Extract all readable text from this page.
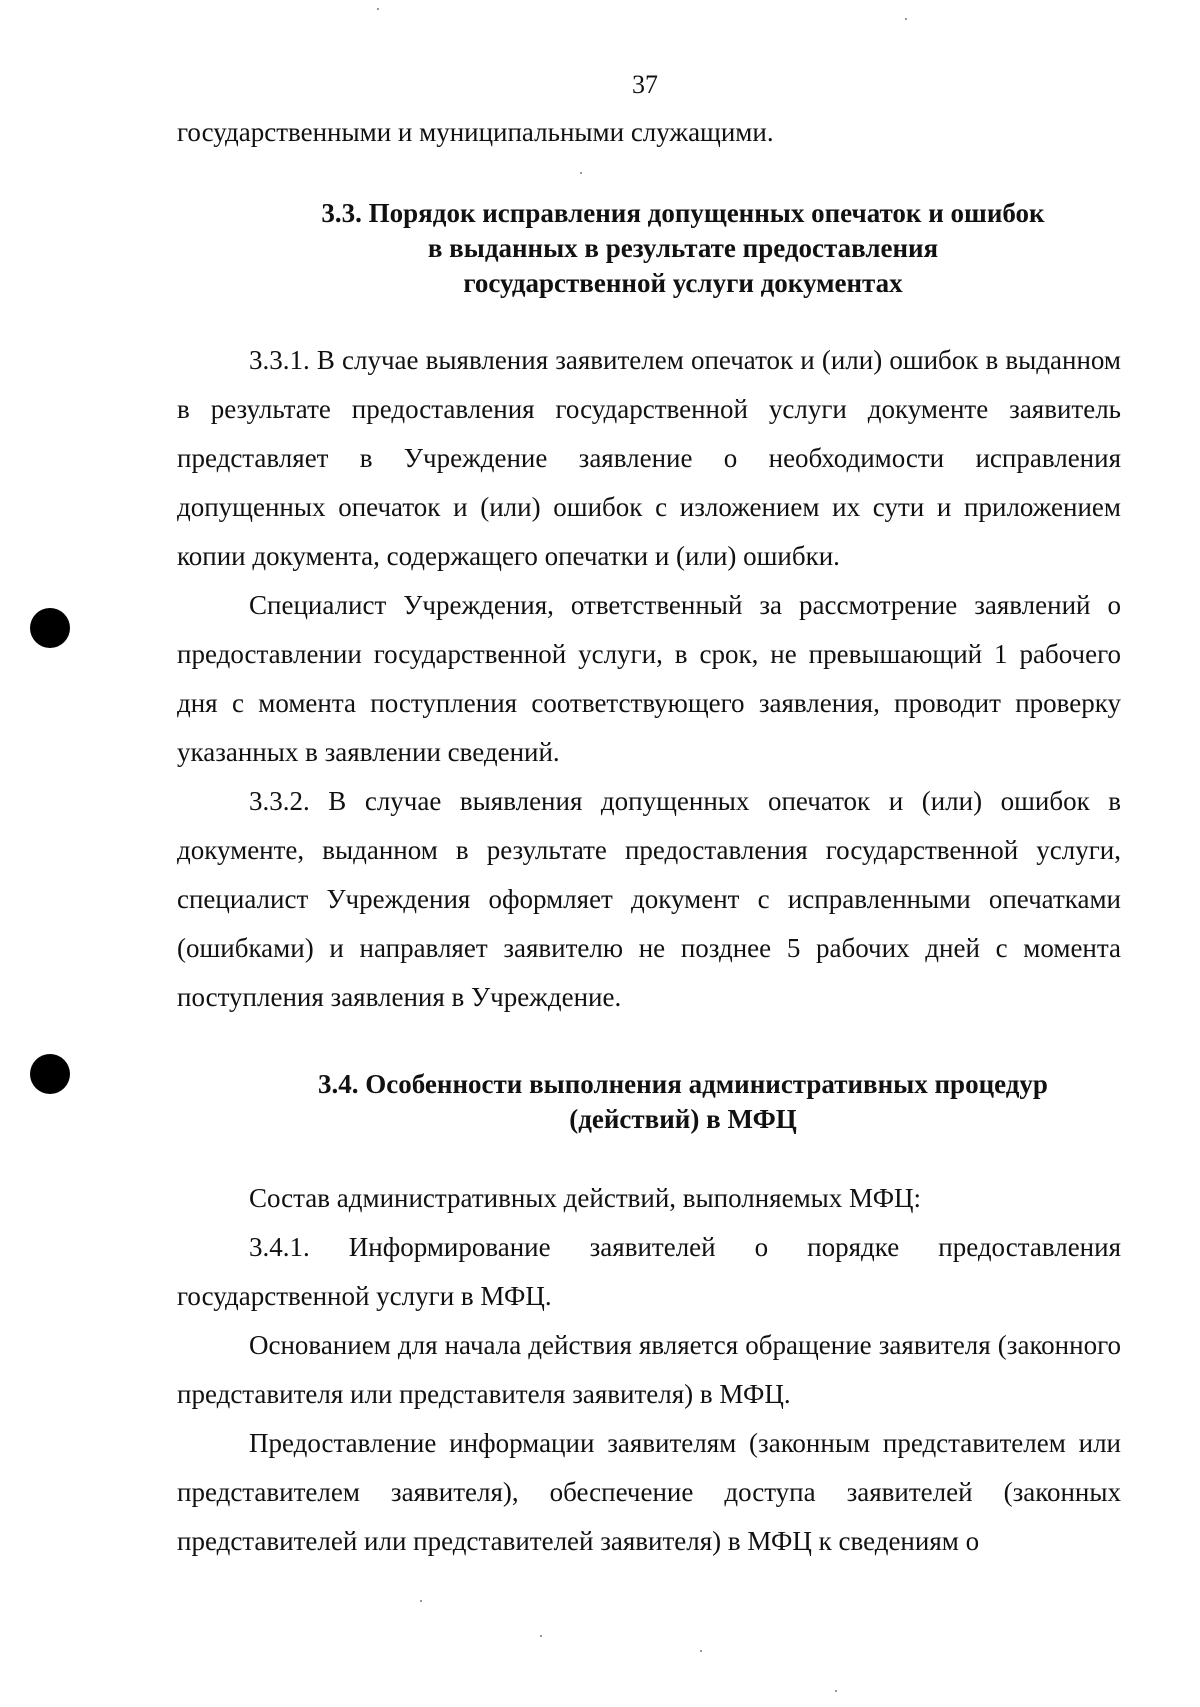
37

государственными и муниципальными служащими.

3.3. Порядок исправления допущенных опечаток и ошибок
в выданных в результате предоставления
государственной услуги документах

3.3.1. В случае выявления заявителем опечаток и (или) ошибок в выданном в результате предоставления государственной услуги документе заявитель представляет в Учреждение заявление о необходимости исправления допущенных опечаток и (или) ошибок с изложением их сути и приложением копии документа, содержащего опечатки и (или) ошибки.

Специалист Учреждения, ответственный за рассмотрение заявлений о предоставлении государственной услуги, в срок, не превышающий 1 рабочего дня с момента поступления соответствующего заявления, проводит проверку указанных в заявлении сведений.

3.3.2. В случае выявления допущенных опечаток и (или) ошибок в документе, выданном в результате предоставления государственной услуги, специалист Учреждения оформляет документ с исправленными опечатками (ошибками) и направляет заявителю не позднее 5 рабочих дней с момента поступления заявления в Учреждение.

3.4. Особенности выполнения административных процедур
(действий) в МФЦ

Состав административных действий, выполняемых МФЦ:

3.4.1. Информирование заявителей о порядке предоставления государственной услуги в МФЦ.

Основанием для начала действия является обращение заявителя (законного представителя или представителя заявителя) в МФЦ.

Предоставление информации заявителям (законным представителем или представителем заявителя), обеспечение доступа заявителей (законных представителей или представителей заявителя) в МФЦ к сведениям о
